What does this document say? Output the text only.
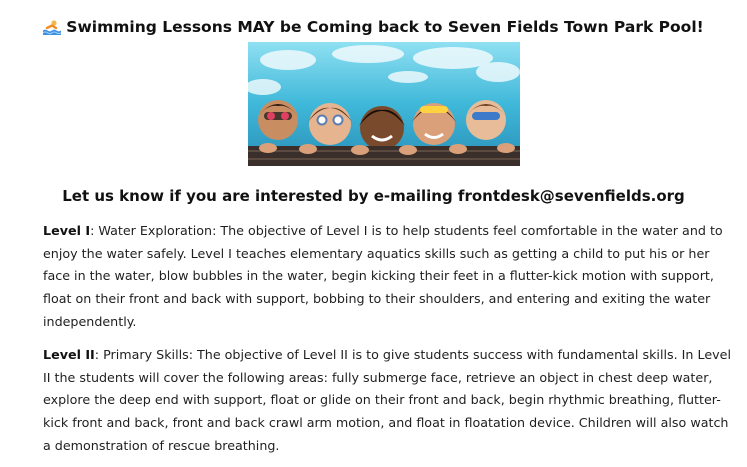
Swimming Lessons MAY be Coming back to Seven Fields Town Park Pool!
Let us know if you are interested by e-mailing frontdesk@sevenfields.org

Level I: Water Exploration: The objective of Level I is to help students feel comfortable in the water and to enjoy the water safely. Level I teaches elementary aquatics skills such as getting a child to put his or her face in the water, blow bubbles in the water, begin kicking their feet in a flutter-kick motion with support, float on their front and back with support, bobbing to their shoulders, and entering and exiting the water independently.

Level II: Primary Skills: The objective of Level II is to give students success with fundamental skills. In Level II the students will cover the following areas: fully submerge face, retrieve an object in chest deep water, explore the deep end with support, float or glide on their front and back, begin rhythmic breathing, flutter-kick front and back, front and back crawl arm motion, and float in floatation device. Children will also watch a demonstration of rescue breathing.
